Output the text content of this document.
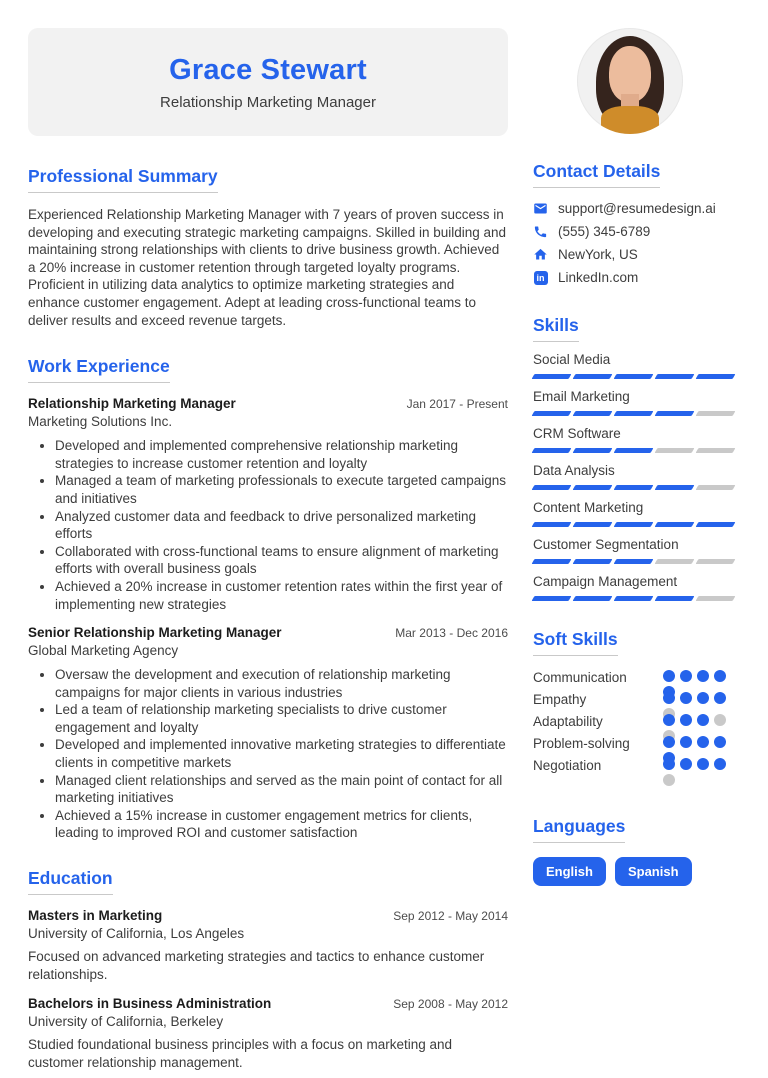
Grace Stewart
Relationship Marketing Manager
Professional Summary
Experienced Relationship Marketing Manager with 7 years of proven success in developing and executing strategic marketing campaigns. Skilled in building and maintaining strong relationships with clients to drive business growth. Achieved a 20% increase in customer retention through targeted loyalty programs. Proficient in utilizing data analytics to optimize marketing strategies and enhance customer engagement. Adept at leading cross-functional teams to deliver results and exceed revenue targets.
Work Experience
Relationship Marketing Manager	Jan 2017 - Present
Marketing Solutions Inc.
• Developed and implemented comprehensive relationship marketing strategies to increase customer retention and loyalty
• Managed a team of marketing professionals to execute targeted campaigns and initiatives
• Analyzed customer data and feedback to drive personalized marketing efforts
• Collaborated with cross-functional teams to ensure alignment of marketing efforts with overall business goals
• Achieved a 20% increase in customer retention rates within the first year of implementing new strategies
Senior Relationship Marketing Manager	Mar 2013 - Dec 2016
Global Marketing Agency
• Oversaw the development and execution of relationship marketing campaigns for major clients in various industries
• Led a team of relationship marketing specialists to drive customer engagement and loyalty
• Developed and implemented innovative marketing strategies to differentiate clients in competitive markets
• Managed client relationships and served as the main point of contact for all marketing initiatives
• Achieved a 15% increase in customer engagement metrics for clients, leading to improved ROI and customer satisfaction
Education
Masters in Marketing	Sep 2012 - May 2014
University of California, Los Angeles
Focused on advanced marketing strategies and tactics to enhance customer relationships.
Bachelors in Business Administration	Sep 2008 - May 2012
University of California, Berkeley
Studied foundational business principles with a focus on marketing and customer relationship management.
Contact Details
support@resumedesign.ai
(555) 345-6789
NewYork, US
in LinkedIn.com
Skills
Social Media
Email Marketing
CRM Software
Data Analysis
Content Marketing
Customer Segmentation
Campaign Management
Soft Skills
Communication
Empathy
Adaptability
Problem-solving
Negotiation
Languages
English	Spanish
